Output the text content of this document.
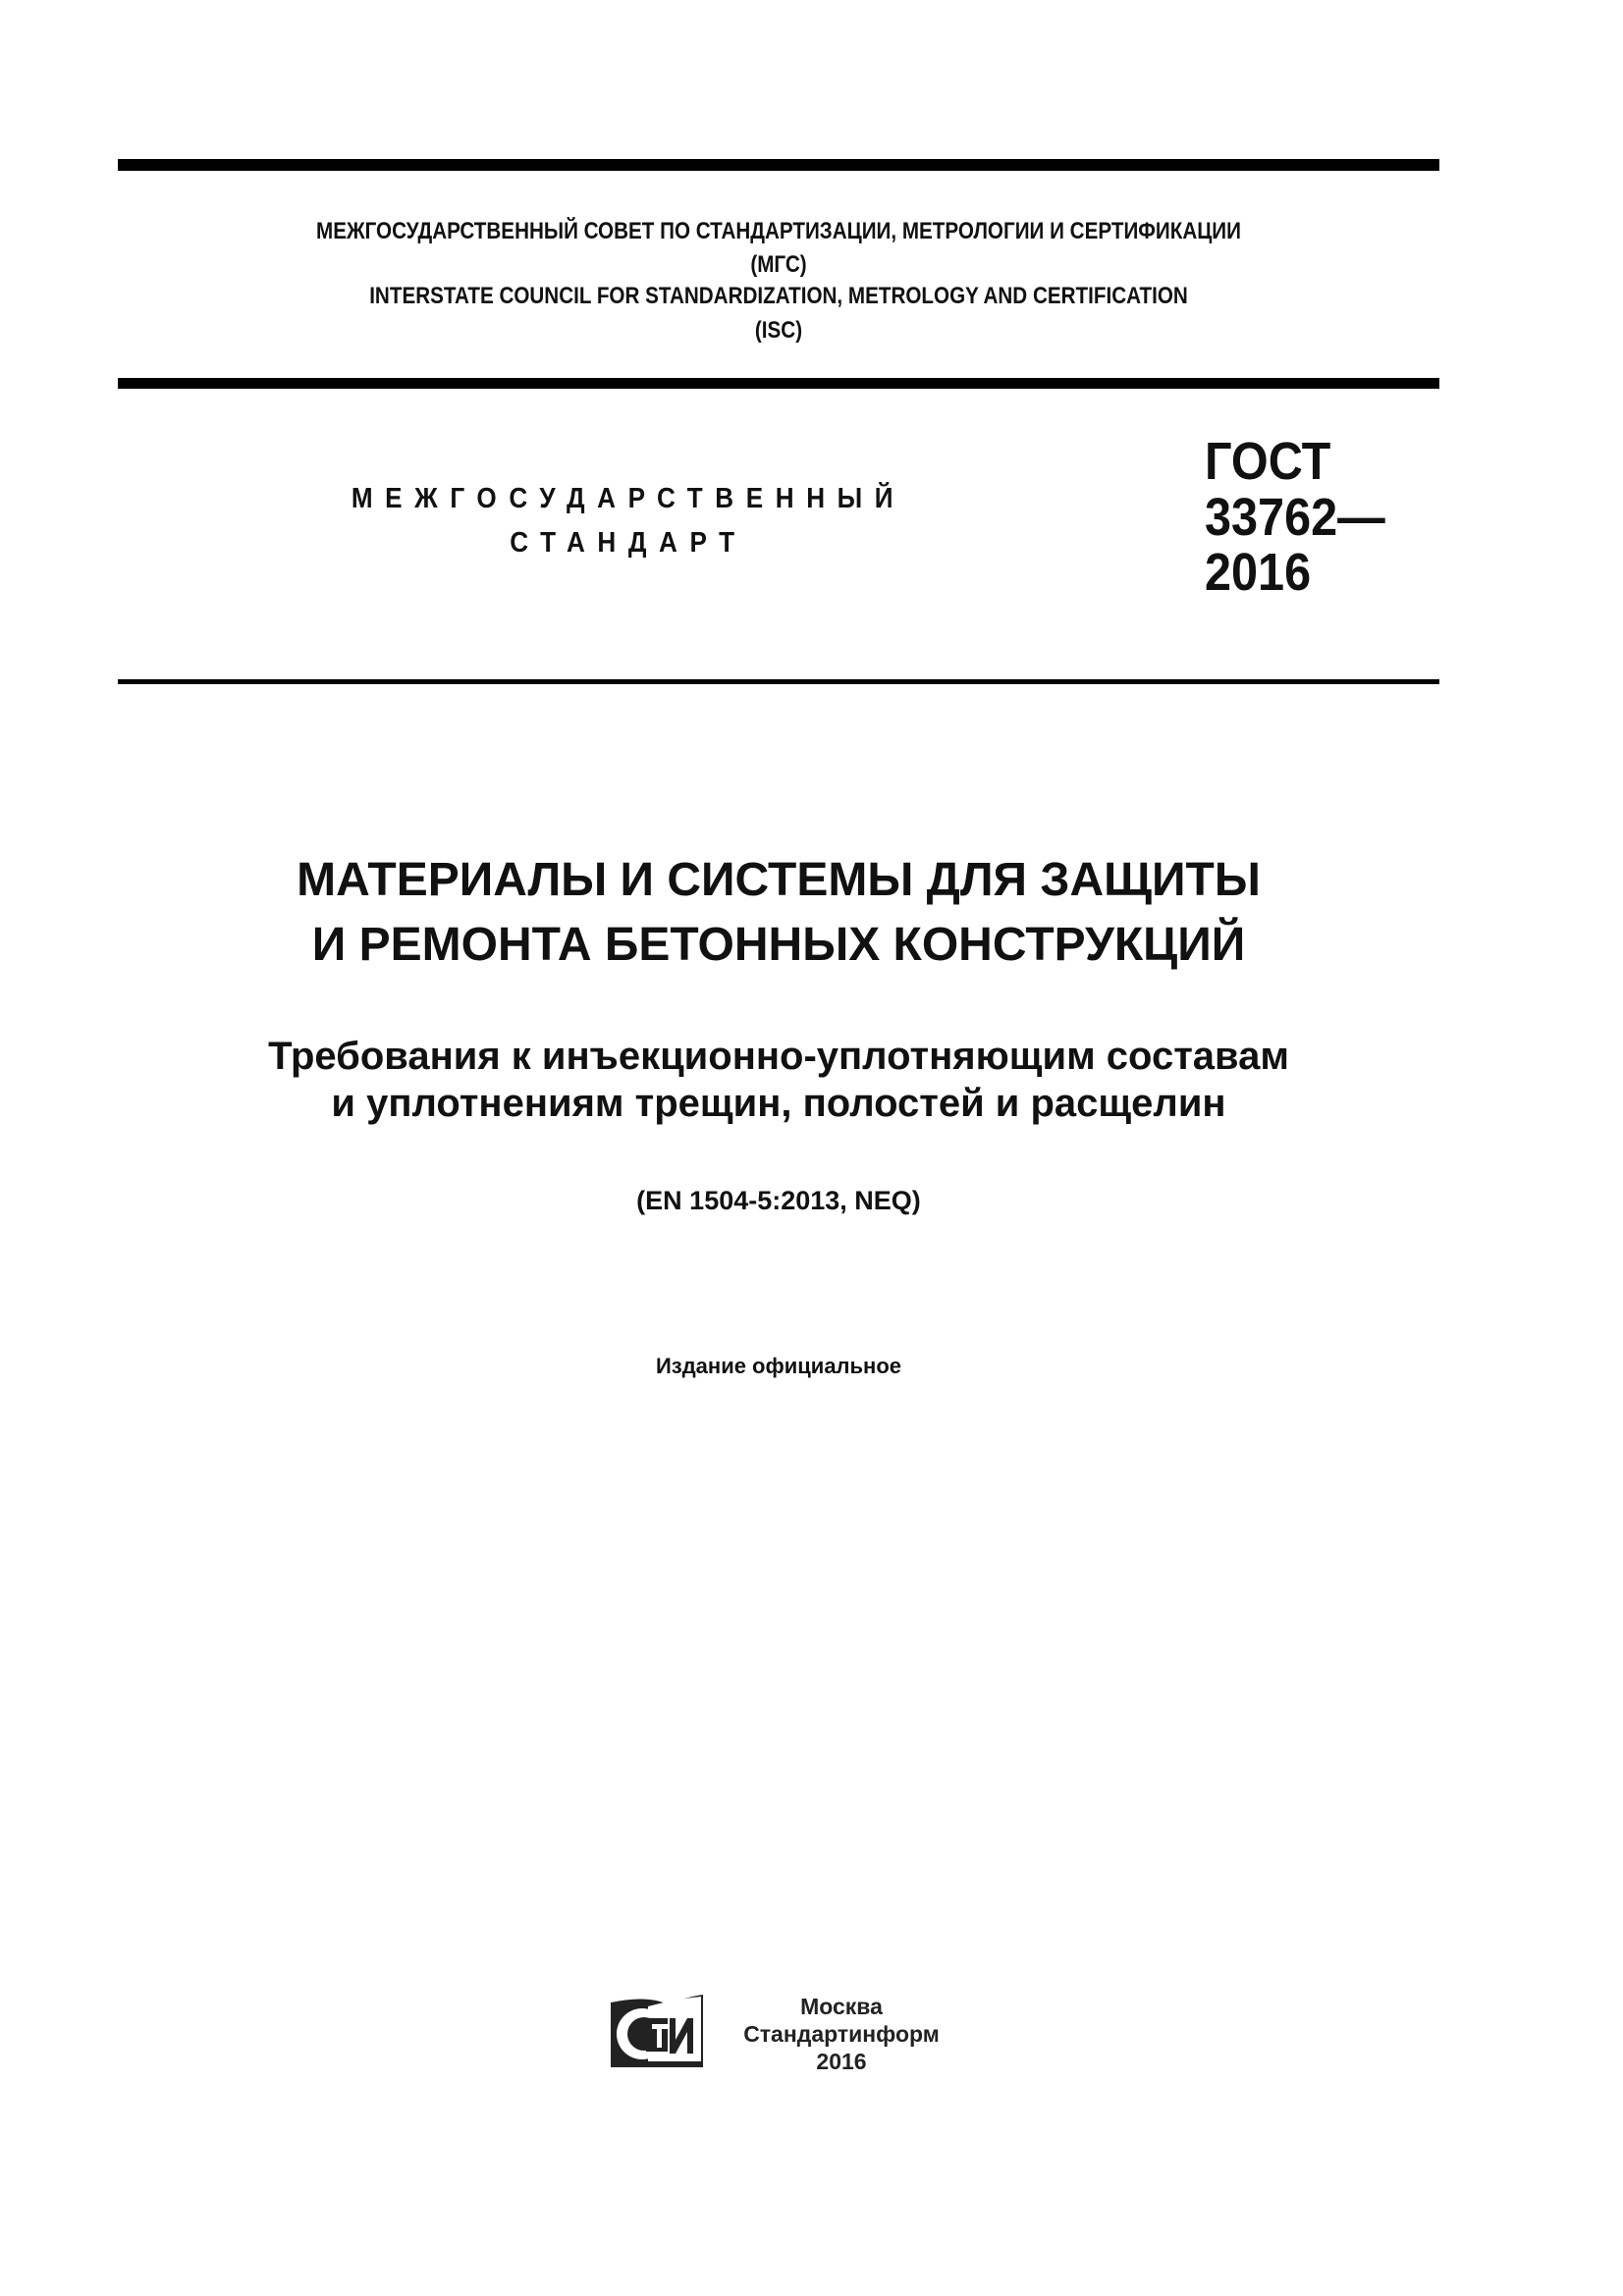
МЕЖГОСУДАРСТВЕННЫЙ СОВЕТ ПО СТАНДАРТИЗАЦИИ, МЕТРОЛОГИИ И СЕРТИФИКАЦИИ
(МГС)
INTERSTATE COUNCIL FOR STANDARDIZATION, METROLOGY AND CERTIFICATION
(ISC)
МЕЖГОСУДАРСТВЕННЫЙ
СТАНДАРТ
ГОСТ
33762—
2016
МАТЕРИАЛЫ И СИСТЕМЫ ДЛЯ ЗАЩИТЫ
И РЕМОНТА БЕТОННЫХ КОНСТРУКЦИЙ
Требования к инъекционно-уплотняющим составам
и уплотнениям трещин, полостей и расщелин
(EN 1504-5:2013, NEQ)
Издание официальное
Москва
Стандартинформ
2016
